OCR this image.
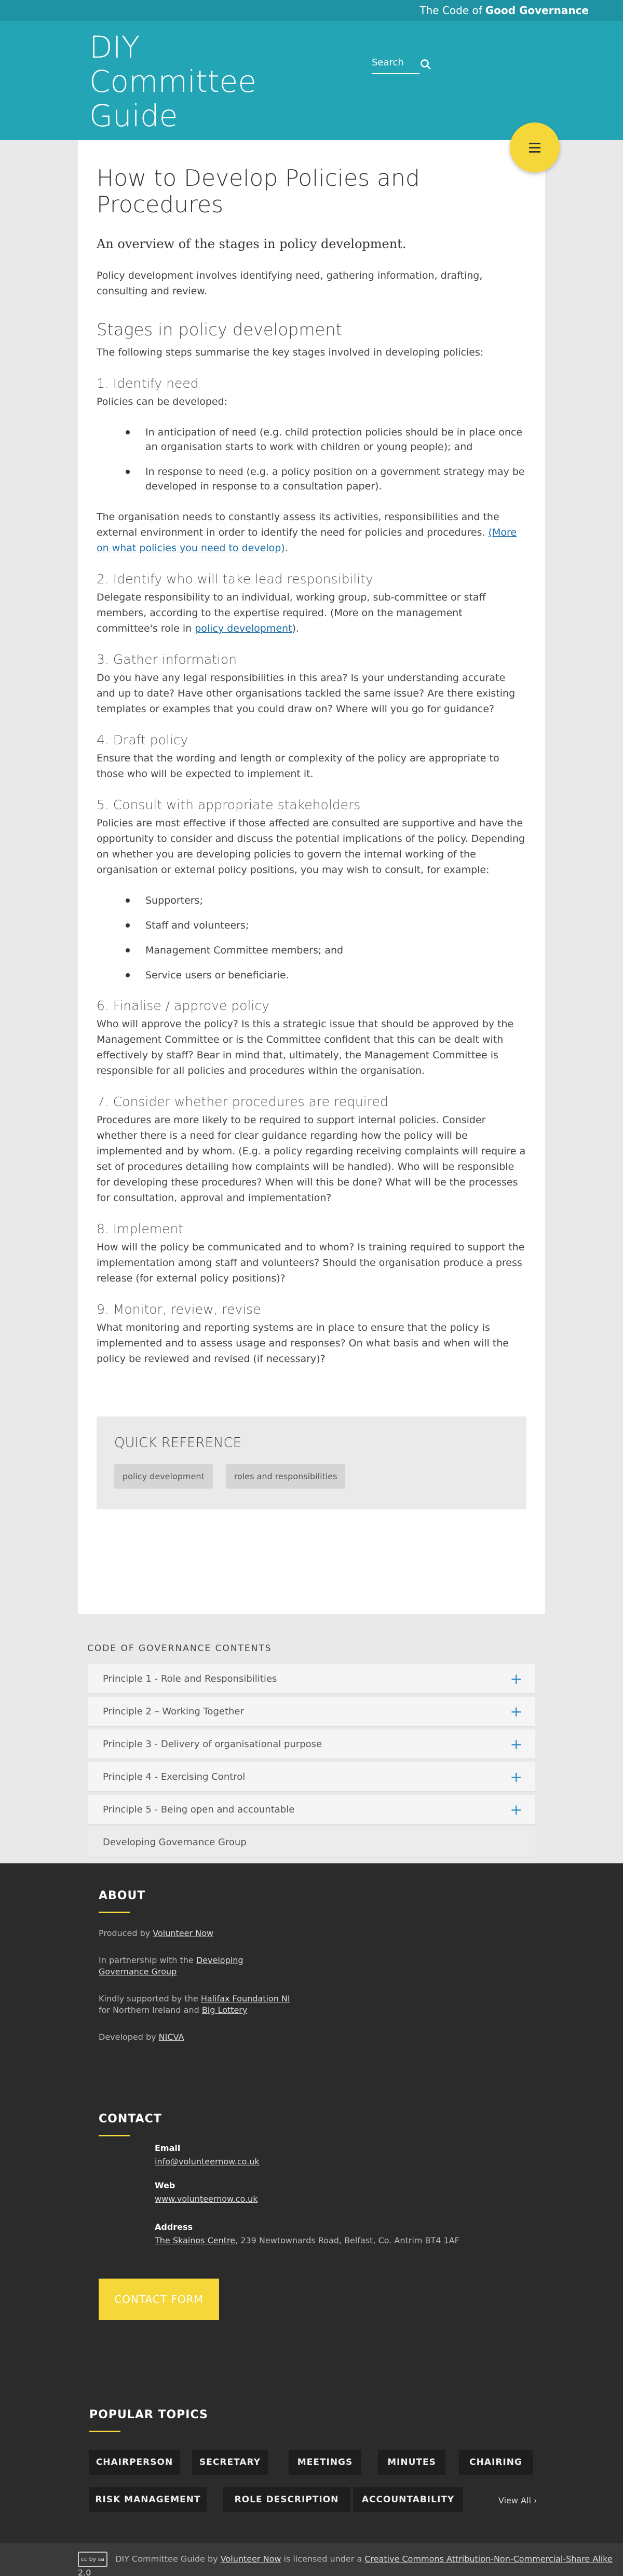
The Code of Good Governance
DIY
Committee
Guide
Search
How to Develop Policies and Procedures
An overview of the stages in policy development.

Policy development involves identifying need, gathering information, drafting, consulting and review.

Stages in policy development

The following steps summarise the key stages involved in developing policies:

1. Identify need

Policies can be developed:

In anticipation of need (e.g. child protection policies should be in place once an organisation starts to work with children or young people); and
In response to need (e.g. a policy position on a government strategy may be developed in response to a consultation paper).

The organisation needs to constantly assess its activities, responsibilities and the external environment in order to identify the need for policies and procedures. (More on what policies you need to develop).

2. Identify who will take lead responsibility

Delegate responsibility to an individual, working group, sub-committee or staff members, according to the expertise required. (More on the management committee's role in policy development).

3. Gather information

Do you have any legal responsibilities in this area? Is your understanding accurate and up to date? Have other organisations tackled the same issue? Are there existing templates or examples that you could draw on? Where will you go for guidance?

4. Draft policy

Ensure that the wording and length or complexity of the policy are appropriate to those who will be expected to implement it.

5. Consult with appropriate stakeholders

Policies are most effective if those affected are consulted are supportive and have the opportunity to consider and discuss the potential implications of the policy. Depending on whether you are developing policies to govern the internal working of the organisation or external policy positions, you may wish to consult, for example:

Supporters;
Staff and volunteers;
Management Committee members; and
Service users or beneficiarie.
6. Finalise / approve policy

Who will approve the policy? Is this a strategic issue that should be approved by the Management Committee or is the Committee confident that this can be dealt with effectively by staff? Bear in mind that, ultimately, the Management Committee is responsible for all policies and procedures within the organisation.

7. Consider whether procedures are required

Procedures are more likely to be required to support internal policies. Consider whether there is a need for clear guidance regarding how the policy will be implemented and by whom. (E.g. a policy regarding receiving complaints will require a set of procedures detailing how complaints will be handled). Who will be responsible for developing these procedures? When will this be done? What will be the processes for consultation, approval and implementation?

8. Implement

How will the policy be communicated and to whom? Is training required to support the implementation among staff and volunteers? Should the organisation produce a press release (for external policy positions)?

9. Monitor, review, revise

What monitoring and reporting systems are in place to ensure that the policy is implemented and to assess usage and responses? On what basis and when will the policy be reviewed and revised (if necessary)?

QUICK REFERENCE
policy development	roles and responsibilities
CODE OF GOVERNANCE CONTENTS
Principle 1 - Role and Responsibilities	+
Principle 2 – Working Together	+
Principle 3 - Delivery of organisational purpose	+
Principle 4 - Exercising Control	+
Principle 5 - Being open and accountable	+
Developing Governance Group
ABOUT
Produced by Volunteer Now
In partnership with the Developing Governance Group
Kindly supported by the Halifax Foundation NI for Northern Ireland and Big Lottery
Developed by NICVA
CONTACT
Email
info@volunteernow.co.uk
Web
www.volunteernow.co.uk
Address
The Skainos Centre, 239 Newtownards Road, Belfast, Co. Antrim BT4 1AF
CONTACT FORM
POPULAR TOPICS
CHAIRPERSON	SECRETARY	MEETINGS	MINUTES	CHAIRING
RISK MANAGEMENT	ROLE DESCRIPTION	ACCOUNTABILITY	View All ›
cc by sa DIY Committee Guide by Volunteer Now is licensed under a Creative Commons Attribution-Non-Commercial-Share Alike 2.0
